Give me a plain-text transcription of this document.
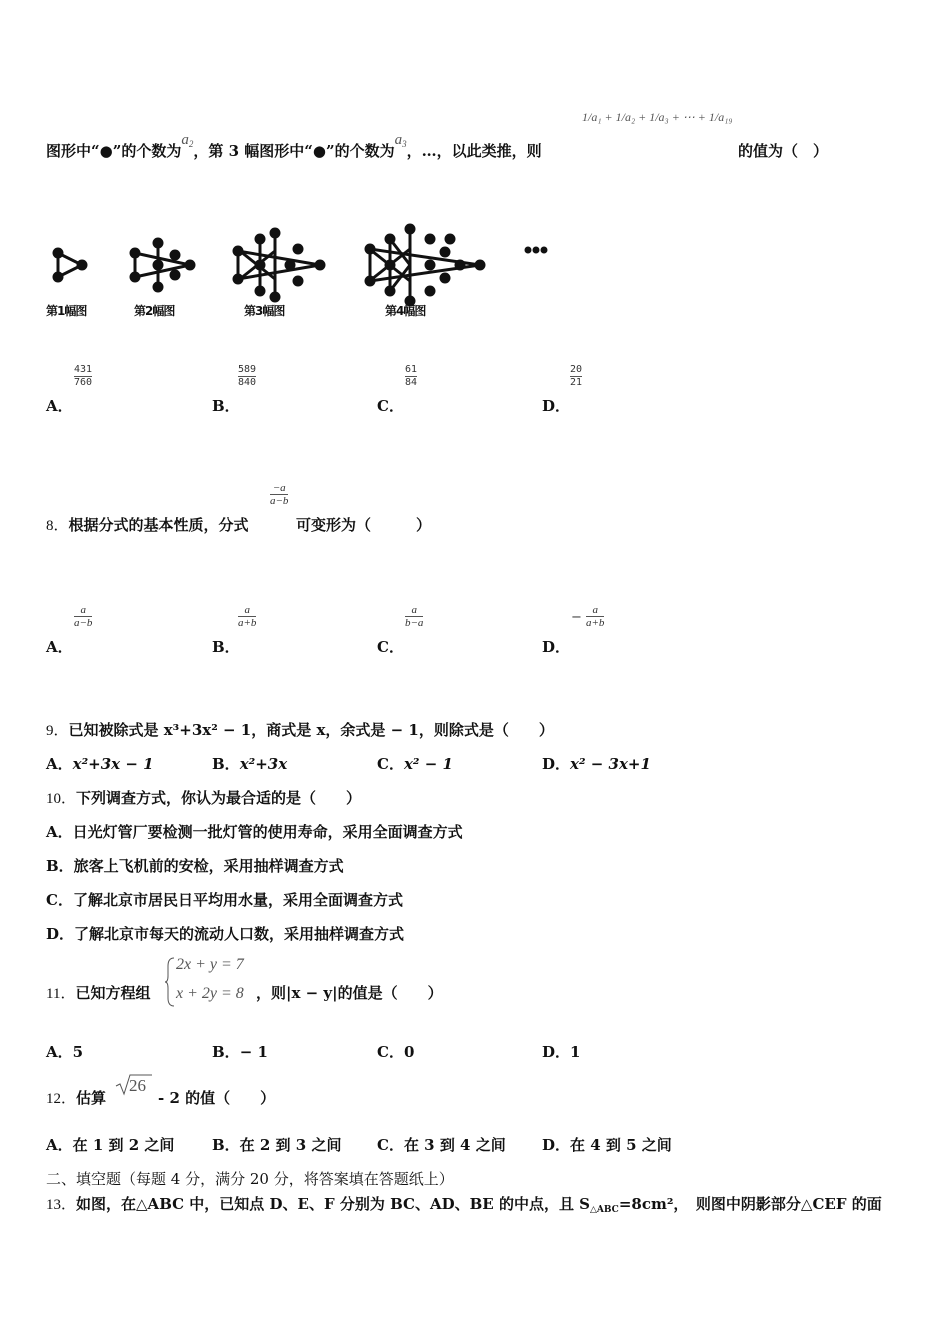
图形中“●”的个数为$a_2$，第 3 幅图形中“●”的个数为$a_3$，…，以此类推，则
1/a₁ + 1/a₂ + 1/a₃ + ⋯ + 1/a₁₉
的值为（　）
第1幅图	第2幅图	第3幅图	第4幅图
A．
431
760
B．
589
840
C．
61
84
D．
20
21
8．根据分式的基本性质，分式
−a
a−b
可变形为（　　　）
A．
a
a−b
B．
a
a+b
C．
a
b−a
D．
− a
a+b
9．已知被除式是 x³+3x² − 1，商式是 x，余式是 − 1，则除式是（　　）
A．x²+3x − 1	B．x²+3x	C．x² − 1	D．x² − 3x+1
10．下列调查方式，你认为最合适的是（　　）
A．日光灯管厂要检测一批灯管的使用寿命，采用全面调查方式
B．旅客上飞机前的安检，采用抽样调查方式
C．了解北京市居民日平均用水量，采用全面调查方式
D．了解北京市每天的流动人口数，采用抽样调查方式
11．已知方程组
2x + y = 7
x + 2y = 8 ，则|x − y|的值是（　　）
A．5	B．− 1	C．0	D．1
12．估算
26
- 2 的值（　　）
A．在 1 到 2 之间	B．在 2 到 3 之间 C．在 3 到 4 之间 D．在 4 到 5 之间
二、填空题（每题 4 分，满分 20 分，将答案填在答题纸上）
13．如图，在△ABC 中，已知点 D、E、F 分别为 BC、AD、BE 的中点，且 $S_{\triangle ABC}=8cm^2$，　则图中阴影部分△CEF 的面
